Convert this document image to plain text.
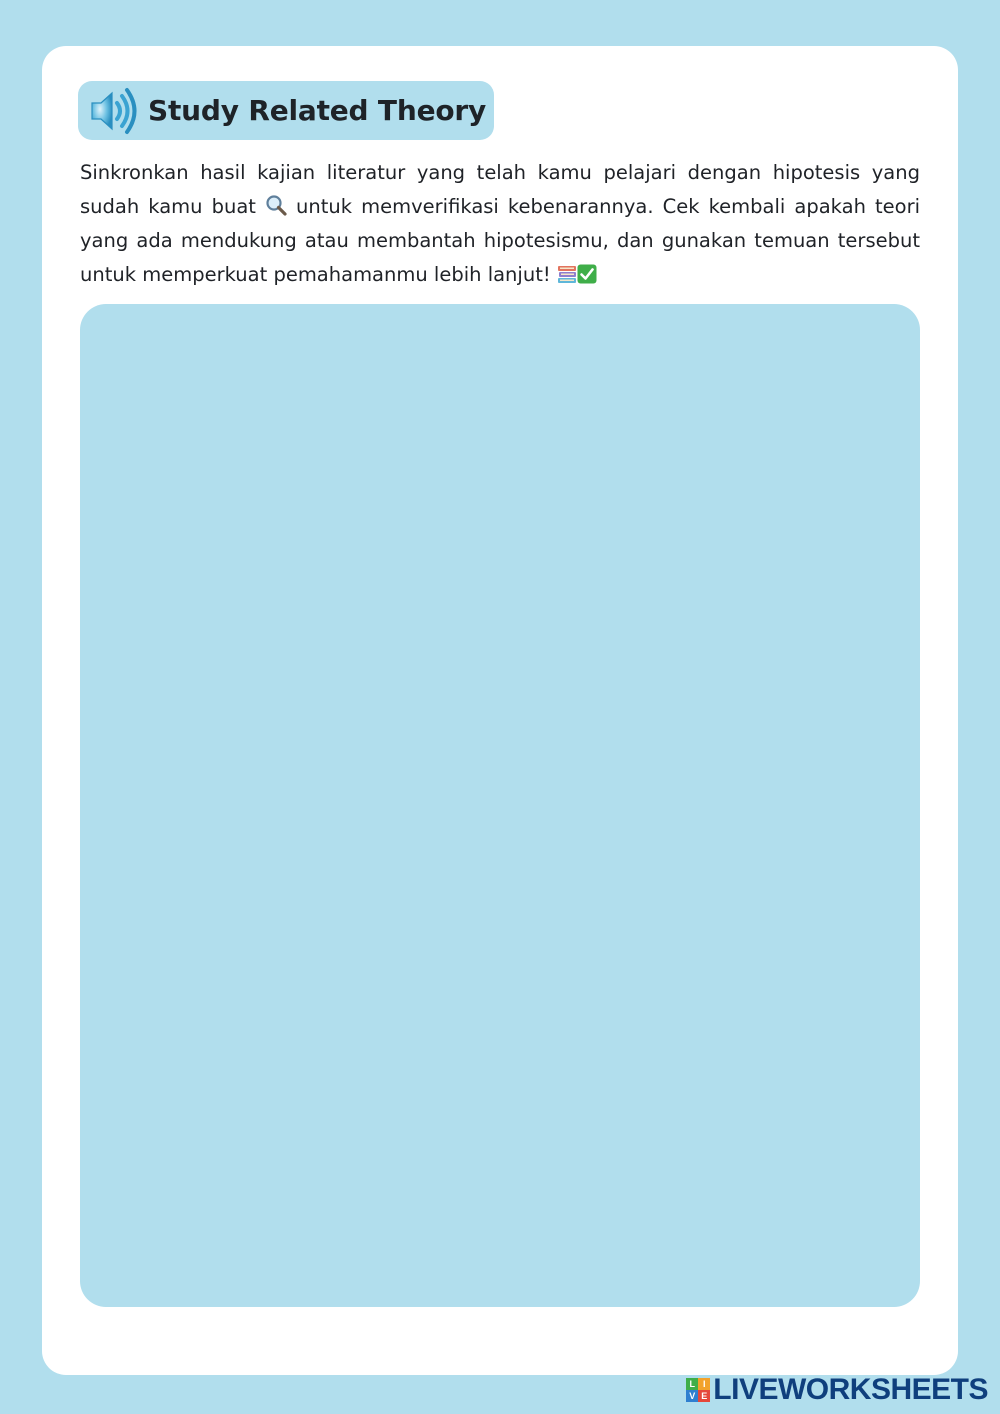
Study Related Theory

Sinkronkan hasil kajian literatur yang telah kamu pelajari dengan hipotesis yang sudah kamu buat untuk memverifikasi kebenarannya. Cek kembali apakah teori yang ada mendukung atau membantah hipotesismu, dan gunakan temuan tersebut untuk memperkuat pemahamanmu lebih lanjut!

L I
V E LIVEWORKSHEETS
